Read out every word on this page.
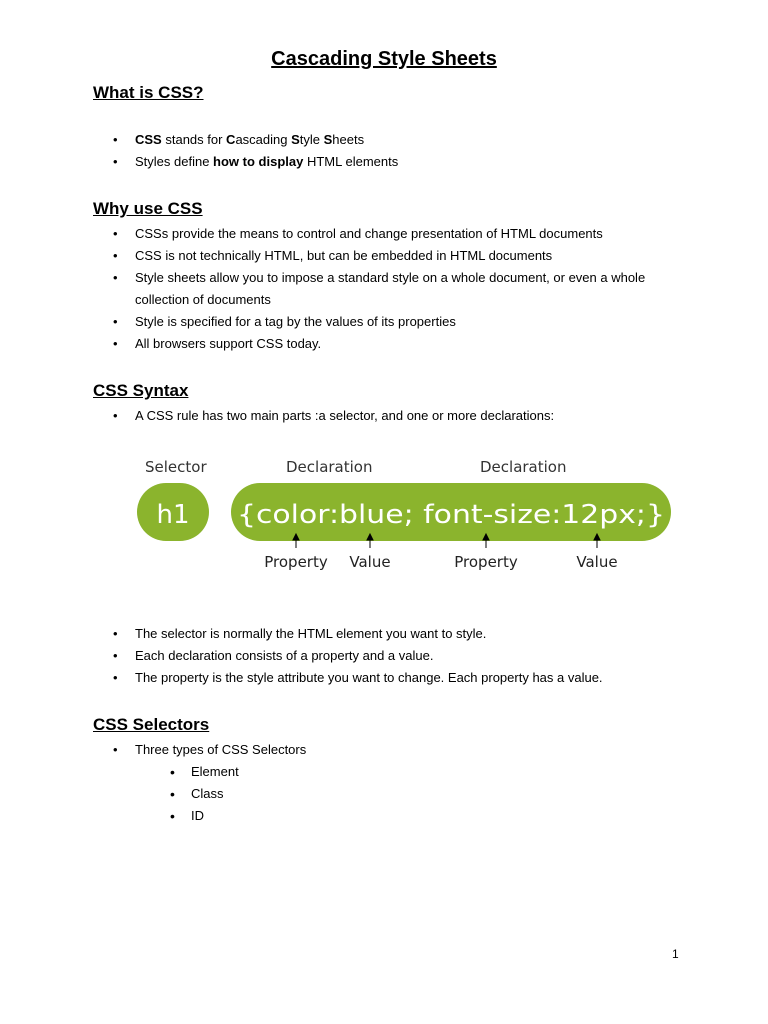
Cascading Style Sheets
What is CSS?
• CSS stands for Cascading Style Sheets
• Styles define how to display HTML elements
Why use CSS
• CSSs provide the means to control and change presentation of HTML documents
• CSS is not technically HTML, but can be embedded in HTML documents
• Style sheets allow you to impose a standard style on a whole document, or even a whole
collection of documents
• Style is specified for a tag by the values of its properties
• All browsers support CSS today.
CSS Syntax
• A CSS rule has two main parts :a selector, and one or more declarations:
Selector	Declaration	Declaration
h1 {color:blue; font-size:12px;}
Property Value	Property	Value
• The selector is normally the HTML element you want to style.
• Each declaration consists of a property and a value.
• The property is the style attribute you want to change. Each property has a value.
CSS Selectors
• Three types of CSS Selectors
• Element
• Class
• ID
1
